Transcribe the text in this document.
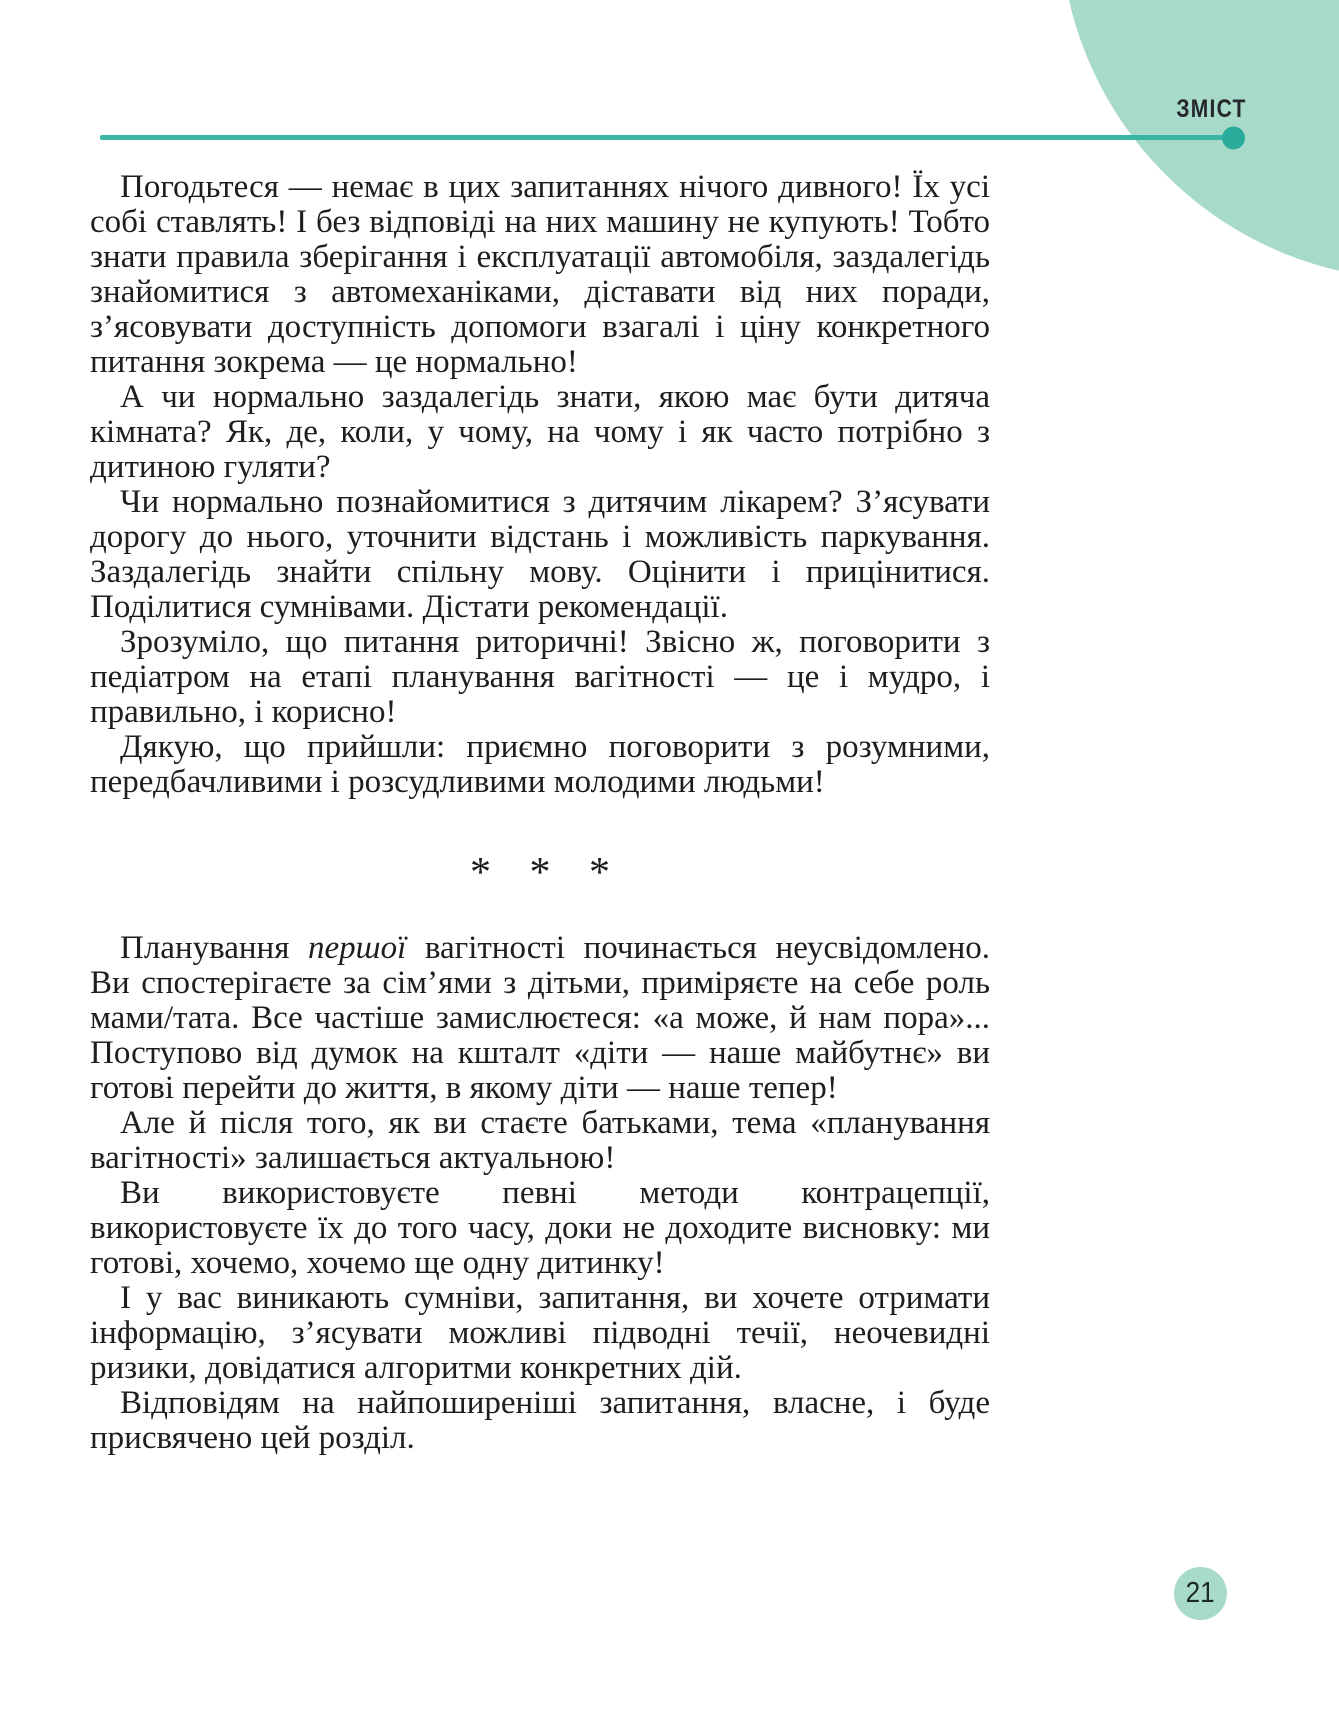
ЗМІСТ

Погодьтеся — немає в цих запитаннях нічого дивного! Їх усі собі ставлять! І без відповіді на них машину не купують! Тобто знати правила зберігання і експлуатації автомобіля, заздалегідь знайомитися з автомеханіками, діставати від них поради, з’ясовувати доступність допомоги взагалі і ціну конкретного питання зокрема — це нормально!

А чи нормально заздалегідь знати, якою має бути дитяча кімната? Як, де, коли, у чому, на чому і як часто потрібно з дитиною гуляти?

Чи нормально познайомитися з дитячим лікарем? З’ясувати дорогу до нього, уточнити відстань і можливість паркування. Заздалегідь знайти спільну мову. Оцінити і прицінитися. Поділитися сумнівами. Дістати рекомендації.

Зрозуміло, що питання риторичні! Звісно ж, поговорити з педіатром на етапі планування вагітності — це і мудро, і правильно, і корисно!

Дякую, що прийшли: приємно поговорити з розумними, передбачливими і розсудливими молодими людьми!

* * *

Планування першої вагітності починається неусвідомлено. Ви спостерігаєте за сім’ями з дітьми, приміряєте на себе роль мами/тата. Все частіше замислюєтеся: «а може, й нам пора»... Поступово від думок на кшталт «діти — наше майбутнє» ви готові перейти до життя, в якому діти — наше тепер!

Але й після того, як ви стаєте батьками, тема «планування вагітності» залишається актуальною!

Ви використовуєте певні методи контрацепції, використовуєте їх до того часу, доки не доходите висновку: ми готові, хочемо, хочемо ще одну дитинку!

І у вас виникають сумніви, запитання, ви хочете отримати інформацію, з’ясувати можливі підводні течії, неочевидні ризики, довідатися алгоритми конкретних дій.

Відповідям на найпоширеніші запитання, власне, і буде присвячено цей розділ.

21
